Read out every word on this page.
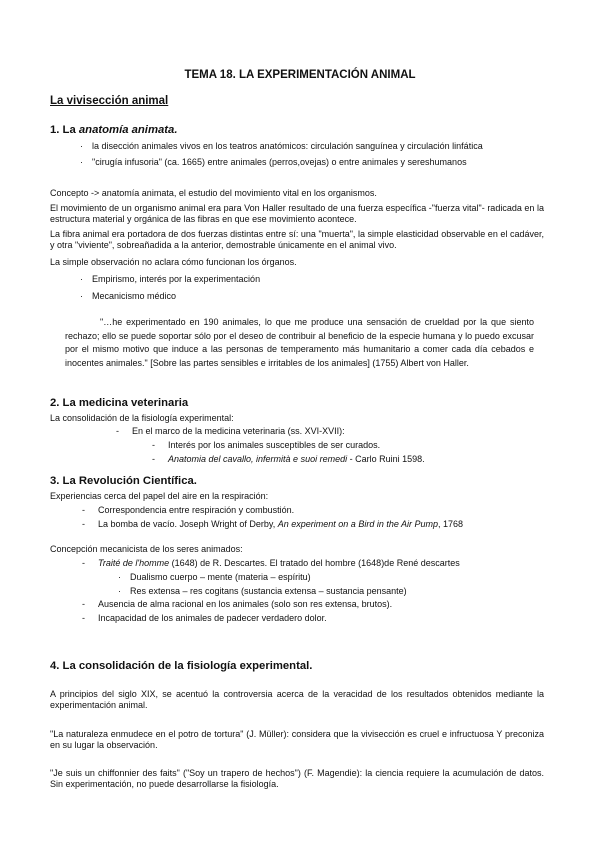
TEMA 18. LA EXPERIMENTACIÓN ANIMAL
La vivisección animal
1. La anatomía animata.
· la disección animales vivos en los teatros anatómicos: circulación sanguínea y circulación linfática
· "cirugía infusoria" (ca. 1665) entre animales (perros,ovejas) o entre animales y sereshumanos
Concepto -> anatomía animata, el estudio del movimiento vital en los organismos.
El movimiento de un organismo animal era para Von Haller resultado de una fuerza específica -"fuerza vital"- radicada en la estructura material y orgánica de las fibras en que ese movimiento acontece.
La fibra animal era portadora de dos fuerzas distintas entre sí: una "muerta", la simple elasticidad observable en el cadáver, y otra "viviente", sobreañadida a la anterior, demostrable únicamente en el animal vivo.
La simple observación no aclara cómo funcionan los órganos.
· Empirismo, interés por la experimentación
· Mecanicismo médico
"…he experimentado en 190 animales, lo que me produce una sensación de crueldad por la que siento rechazo; ello se puede soportar sólo por el deseo de contribuir al beneficio de la especie humana y lo puedo excusar por el mismo motivo que induce a las personas de temperamento más humanitario a comer cada día cebados e inocentes animales." [Sobre las partes sensibles e irritables de los animales] (1755) Albert von Haller.
2. La medicina veterinaria
La consolidación de la fisiología experimental:
- En el marco de la medicina veterinaria (ss. XVI-XVII):
- Interés por los animales susceptibles de ser curados.
- Anatomia del cavallo, infermità e suoi remedi - Carlo Ruini 1598.
3. La Revolución Científica.
Experiencias cerca del papel del aire en la respiración:
- Correspondencia entre respiración y combustión.
- La bomba de vacío. Joseph Wright of Derby, An experiment on a Bird in the Air Pump, 1768
Concepción mecanicista de los seres animados:
- Traité de l'homme (1648) de R. Descartes. El tratado del hombre (1648)de René descartes
· Dualismo cuerpo – mente (materia – espíritu)
· Res extensa – res cogitans (sustancia extensa – sustancia pensante)
- Ausencia de alma racional en los animales (solo son res extensa, brutos).
- Incapacidad de los animales de padecer verdadero dolor.
4. La consolidación de la fisiología experimental.
A principios del siglo XIX, se acentuó la controversia acerca de la veracidad de los resultados obtenidos mediante la experimentación animal.
"La naturaleza enmudece en el potro de tortura" (J. Müller): considera que la vivisección es cruel e infructuosa Y preconiza en su lugar la observación.
"Je suis un chiffonnier des faits" ("Soy un trapero de hechos") (F. Magendie): la ciencia requiere la acumulación de datos. Sin experimentación, no puede desarrollarse la fisiología.
